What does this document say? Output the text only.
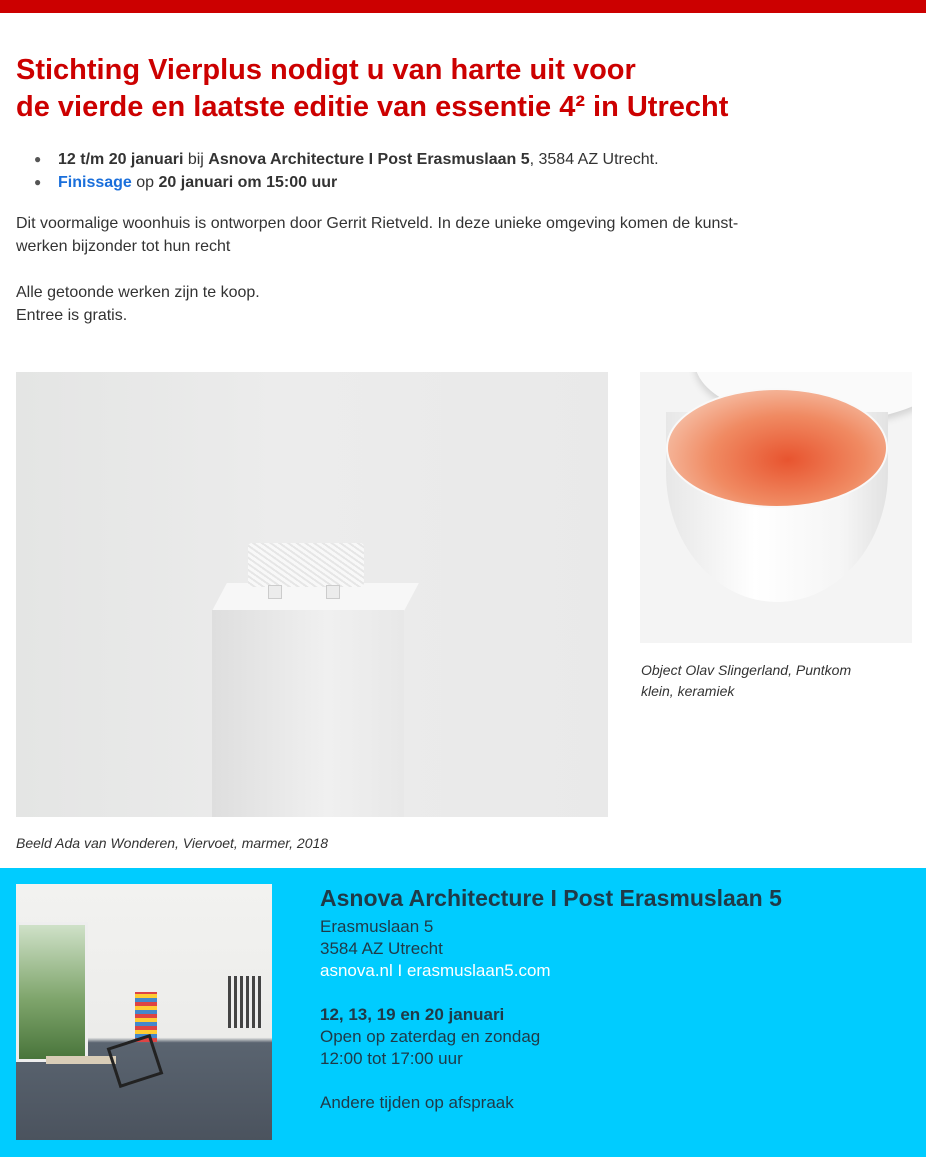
Stichting Vierplus nodigt u van harte uit voor
de vierde en laatste editie van essentie 4² in Utrecht
● 12 t/m 20 januari bij Asnova Architecture I Post Erasmuslaan 5, 3584 AZ Utrecht.
● Finissage op 20 januari om 15:00 uur

Dit voormalige woonhuis is ontworpen door Gerrit Rietveld. In deze unieke omgeving komen de kunst-
werken bijzonder tot hun recht

Alle getoonde werken zijn te koop.
Entree is gratis.

Object Olav Slingerland, Puntkom
klein, keramiek

Beeld Ada van Wonderen, Viervoet, marmer, 2018

Asnova Architecture I Post Erasmuslaan 5
Erasmuslaan 5
3584 AZ Utrecht
asnova.nl I erasmuslaan5.com

12, 13, 19 en 20 januari
Open op zaterdag en zondag
12:00 tot 17:00 uur

Andere tijden op afspraak
